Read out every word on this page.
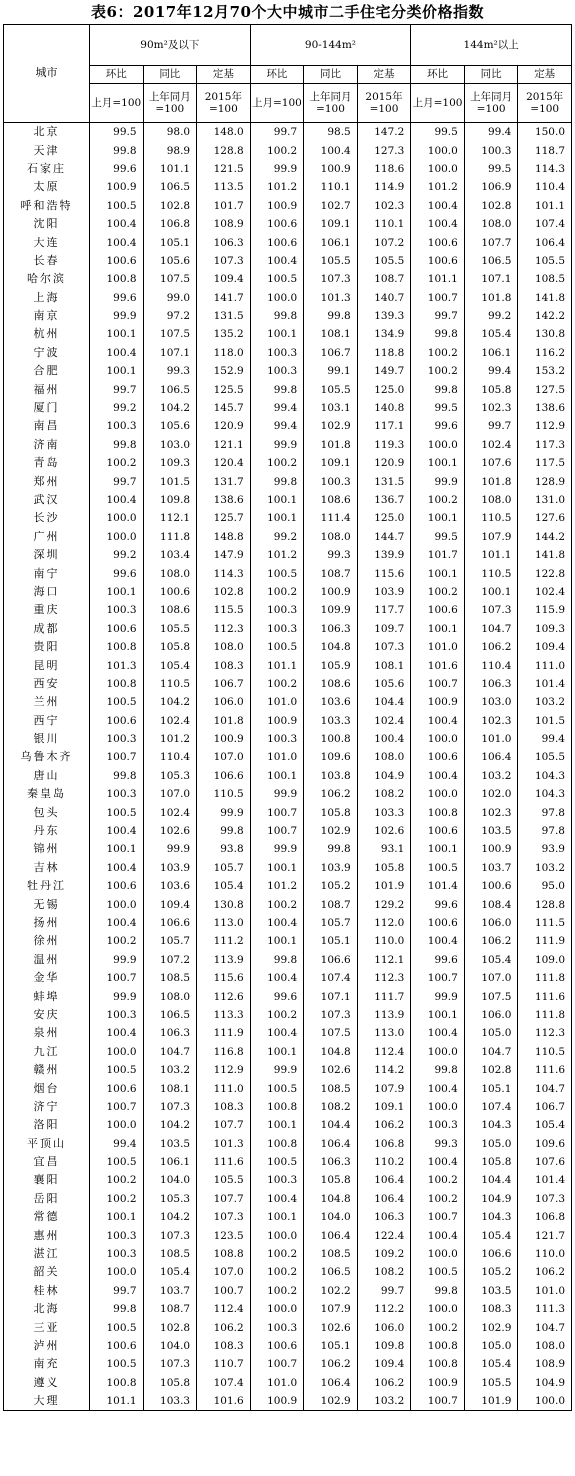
表6：2017年12月70个大中城市二手住宅分类价格指数
城市	90m²及以下			90-144m²			144m²以上		
	环比	同比	定基	环比	同比	定基	环比	同比	定基
	上月=100	上年同月=100	2015年=100	上月=100	上年同月=100	2015年=100	上月=100	上年同月=100	2015年=100
北京	99.5	98.0	148.0	99.7	98.5	147.2	99.5	99.4	150.0
天津	99.8	98.9	128.8	100.2	100.4	127.3	100.0	100.3	118.7
石家庄	99.6	101.1	121.5	99.9	100.9	118.6	100.0	99.5	114.3
太原	100.9	106.5	113.5	101.2	110.1	114.9	101.2	106.9	110.4
呼和浩特	100.5	102.8	101.7	100.9	102.7	102.3	100.4	102.8	101.1
沈阳	100.4	106.8	108.9	100.6	109.1	110.1	100.4	108.0	107.4
大连	100.4	105.1	106.3	100.6	106.1	107.2	100.6	107.7	106.4
长春	100.6	105.6	107.3	100.4	105.5	105.5	100.6	106.5	105.5
哈尔滨	100.8	107.5	109.4	100.5	107.3	108.7	101.1	107.1	108.5
上海	99.6	99.0	141.7	100.0	101.3	140.7	100.7	101.8	141.8
南京	99.9	97.2	131.5	99.8	99.8	139.3	99.7	99.2	142.2
杭州	100.1	107.5	135.2	100.1	108.1	134.9	99.8	105.4	130.8
宁波	100.4	107.1	118.0	100.3	106.7	118.8	100.2	106.1	116.2
合肥	100.1	99.3	152.9	100.3	99.1	149.7	100.2	99.4	153.2
福州	99.7	106.5	125.5	99.8	105.5	125.0	99.8	105.8	127.5
厦门	99.2	104.2	145.7	99.4	103.1	140.8	99.5	102.3	138.6
南昌	100.3	105.6	120.9	99.4	102.9	117.1	99.6	99.7	112.9
济南	99.8	103.0	121.1	99.9	101.8	119.3	100.0	102.4	117.3
青岛	100.2	109.3	120.4	100.2	109.1	120.9	100.1	107.6	117.5
郑州	99.7	101.5	131.7	99.8	100.3	131.5	99.9	101.8	128.9
武汉	100.4	109.8	138.6	100.1	108.6	136.7	100.2	108.0	131.0
长沙	100.0	112.1	125.7	100.1	111.4	125.0	100.1	110.5	127.6
广州	100.0	111.8	148.8	99.2	108.0	144.7	99.5	107.9	144.2
深圳	99.2	103.4	147.9	101.2	99.3	139.9	101.7	101.1	141.8
南宁	99.6	108.0	114.3	100.5	108.7	115.6	100.1	110.5	122.8
海口	100.1	100.6	102.8	100.2	100.9	103.9	100.2	100.1	102.4
重庆	100.3	108.6	115.5	100.3	109.9	117.7	100.6	107.3	115.9
成都	100.6	105.5	112.3	100.3	106.3	109.7	100.1	104.7	109.3
贵阳	100.8	105.8	108.0	100.5	104.8	107.3	101.0	106.2	109.4
昆明	101.3	105.4	108.3	101.1	105.9	108.1	101.6	110.4	111.0
西安	100.8	110.5	106.7	100.2	108.6	105.6	100.7	106.3	101.4
兰州	100.5	104.2	106.0	101.0	103.6	104.4	100.9	103.0	103.2
西宁	100.6	102.4	101.8	100.9	103.3	102.4	100.4	102.3	101.5
银川	100.3	101.2	100.9	100.3	100.8	100.4	100.0	101.0	99.4
乌鲁木齐	100.7	110.4	107.0	101.0	109.6	108.0	100.6	106.4	105.5
唐山	99.8	105.3	106.6	100.1	103.8	104.9	100.4	103.2	104.3
秦皇岛	100.3	107.0	110.5	99.9	106.2	108.2	100.0	102.0	104.3
包头	100.5	102.4	99.9	100.7	105.8	103.3	100.8	102.3	97.8
丹东	100.4	102.6	99.8	100.7	102.9	102.6	100.6	103.5	97.8
锦州	100.1	99.9	93.8	99.9	99.8	93.1	100.1	100.9	93.9
吉林	100.4	103.9	105.7	100.1	103.9	105.8	100.5	103.7	103.2
牡丹江	100.6	103.6	105.4	101.2	105.2	101.9	101.4	100.6	95.0
无锡	100.0	109.4	130.8	100.2	108.7	129.2	99.6	108.4	128.8
扬州	100.4	106.6	113.0	100.4	105.7	112.0	100.6	106.0	111.5
徐州	100.2	105.7	111.2	100.1	105.1	110.0	100.4	106.2	111.9
温州	99.9	107.2	113.9	99.8	106.6	112.1	99.6	105.4	109.0
金华	100.7	108.5	115.6	100.4	107.4	112.3	100.7	107.0	111.8
蚌埠	99.9	108.0	112.6	99.6	107.1	111.7	99.9	107.5	111.6
安庆	100.3	106.5	113.3	100.2	107.3	113.9	100.1	106.0	111.8
泉州	100.4	106.3	111.9	100.4	107.5	113.0	100.4	105.0	112.3
九江	100.0	104.7	116.8	100.1	104.8	112.4	100.0	104.7	110.5
赣州	100.5	103.2	112.9	99.9	102.6	114.2	99.8	102.8	111.6
烟台	100.6	108.1	111.0	100.5	108.5	107.9	100.4	105.1	104.7
济宁	100.7	107.3	108.3	100.8	108.2	109.1	100.0	107.4	106.7
洛阳	100.0	104.2	107.7	100.1	104.4	106.2	100.3	104.3	105.4
平顶山	99.4	103.5	101.3	100.8	106.4	106.8	99.3	105.0	109.6
宜昌	100.5	106.1	111.6	100.5	106.3	110.2	100.4	105.8	107.6
襄阳	100.2	104.0	105.5	100.3	105.8	106.4	100.2	104.4	101.4
岳阳	100.2	105.3	107.7	100.4	104.8	106.4	100.2	104.9	107.3
常德	100.1	104.2	107.3	100.1	104.0	106.3	100.7	104.3	106.8
惠州	100.3	107.3	123.5	100.0	106.4	122.4	100.4	105.4	121.7
湛江	100.3	108.5	108.8	100.2	108.5	109.2	100.0	106.6	110.0
韶关	100.0	105.4	107.0	100.2	106.5	108.2	100.5	105.2	106.2
桂林	99.7	103.7	100.7	100.2	102.2	99.7	99.8	103.5	101.0
北海	99.8	108.7	112.4	100.0	107.9	112.2	100.0	108.3	111.3
三亚	100.5	102.8	106.2	100.3	102.6	106.0	100.2	102.9	104.7
泸州	100.6	104.0	108.3	100.6	105.1	109.8	100.8	105.0	108.0
南充	100.5	107.3	110.7	100.7	106.2	109.4	100.8	105.4	108.9
遵义	100.8	105.8	107.4	101.0	106.4	106.2	100.9	105.5	104.9
大理	101.1	103.3	101.6	100.9	102.9	103.2	100.7	101.9	100.0
